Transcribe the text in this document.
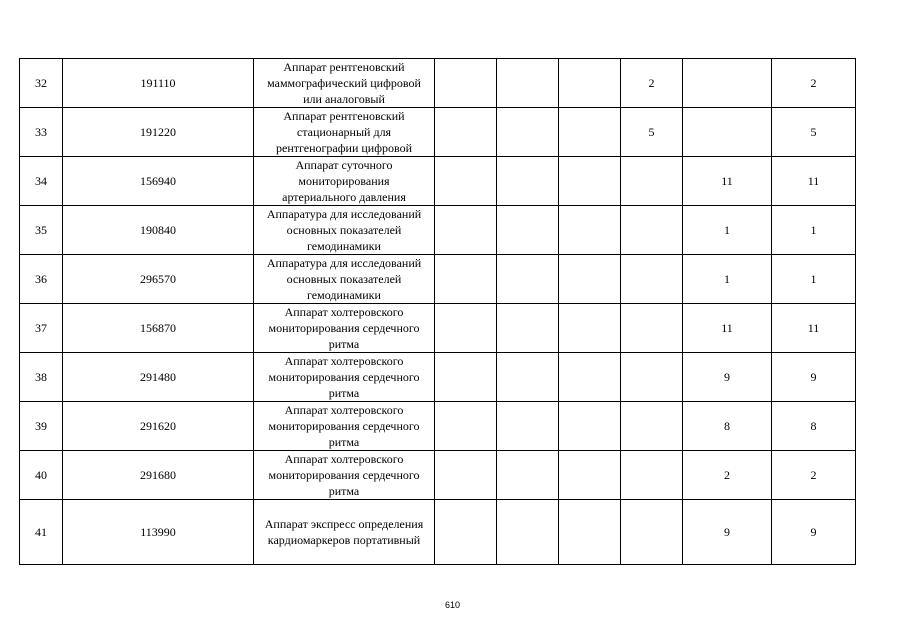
32	191110	Аппарат рентгеновский
маммографический цифровой
или аналоговый				2		2
33	191220	Аппарат рентгеновский
стационарный для
рентгенографии цифровой				5		5
34	156940	Аппарат суточного
мониторирования
артериального давления					11	11
35	190840	Аппаратура для исследований
основных показателей
гемодинамики					1	1
36	296570	Аппаратура для исследований
основных показателей
гемодинамики					1	1
37	156870	Аппарат холтеровского
мониторирования сердечного
ритма					11	11
38	291480	Аппарат холтеровского
мониторирования сердечного
ритма					9	9
39	291620	Аппарат холтеровского
мониторирования сердечного
ритма					8	8
40	291680	Аппарат холтеровского
мониторирования сердечного
ритма					2	2
41	113990	Аппарат экспресс определения
кардиомаркеров портативный					9	9
610
